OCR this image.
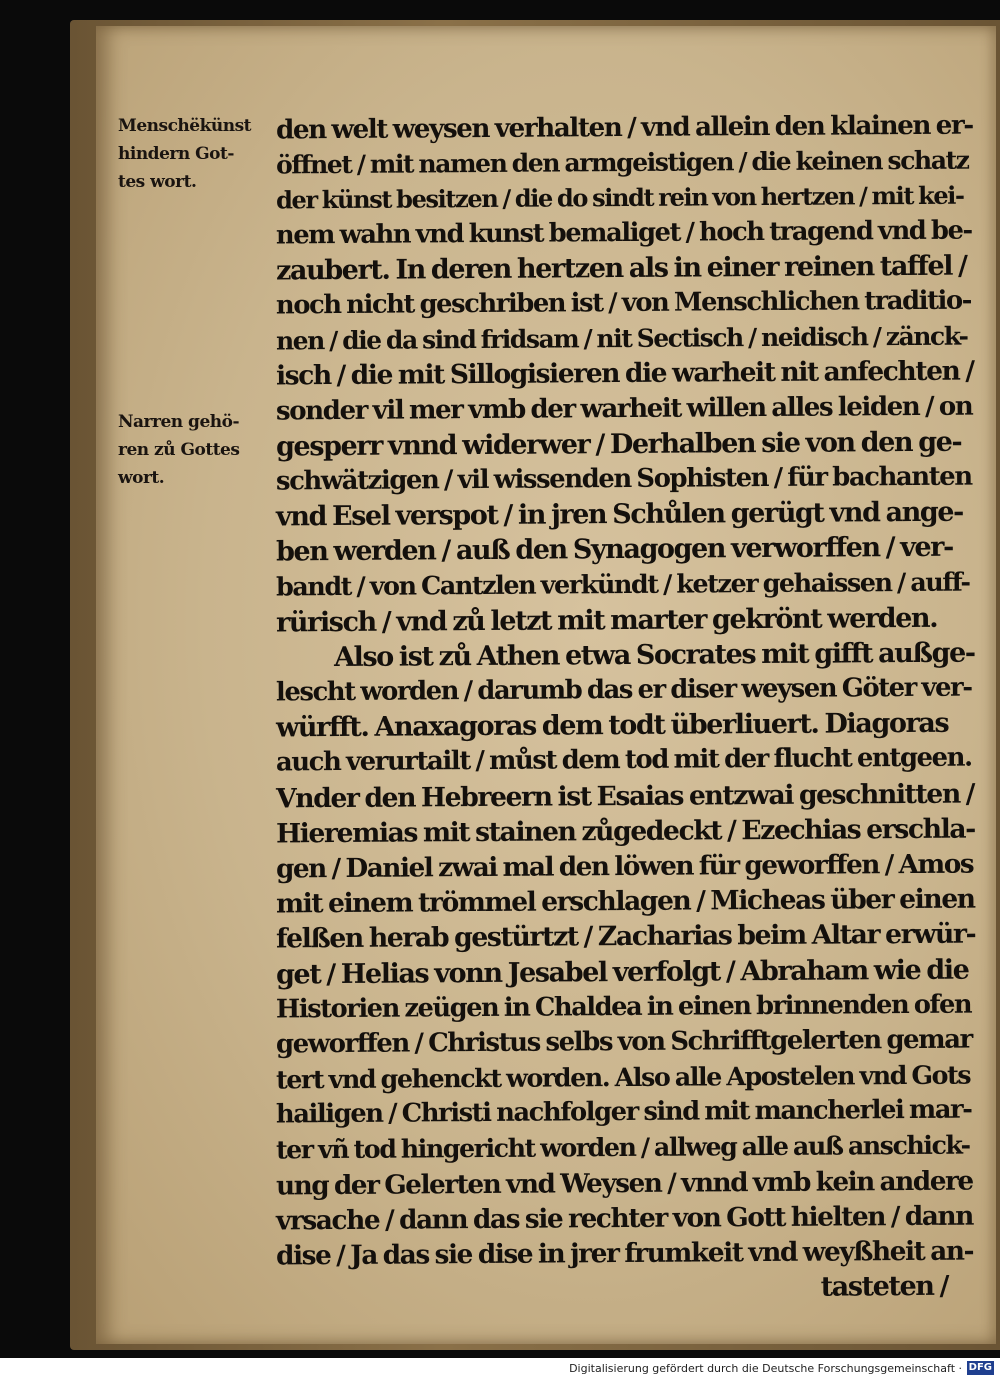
Menschëkünst
hindern Got-
tes wort.
Narren gehö-
ren zů Gottes
wort.
den welt weysen verhalten / vnd allein den klainen er-
öffnet / mit namen den armgeistigen / die keinen schatz
der künst besitzen / die do sindt rein von hertzen / mit kei-
nem wahn vnd kunst bemaliget / hoch tragend vnd be-
zaubert. In deren hertzen als in einer reinen taffel /
noch nicht geschriben ist / von Menschlichen traditio-
nen / die da sind fridsam / nit Sectisch / neidisch / zänck-
isch / die mit Sillogisieren die warheit nit anfechten /
sonder vil mer vmb der warheit willen alles leiden / on
gesperr vnnd widerwer / Derhalben sie von den ge-
schwätzigen / vil wissenden Sophisten / für bachanten
vnd Esel verspot / in jren Schůlen gerügt vnd ange-
ben werden / auß den Synagogen verworffen / ver-
bandt / von Cantzlen verkündt / ketzer gehaissen / auff-
rürisch / vnd zů letzt mit marter gekrönt werden.
Also ist zů Athen etwa Socrates mit gifft außge-
lescht worden / darumb das er diser weysen Göter ver-
würfft. Anaxagoras dem todt überliuert. Diagoras
auch verurtailt / můst dem tod mit der flucht entgeen.
Vnder den Hebreern ist Esaias entzwai geschnitten /
Hieremias mit stainen zůgedeckt / Ezechias erschla-
gen / Daniel zwai mal den löwen für geworffen / Amos
mit einem trömmel erschlagen / Micheas über einen
felßen herab gestürtzt / Zacharias beim Altar erwür-
get / Helias vonn Jesabel verfolgt / Abraham wie die
Historien zeügen in Chaldea in einen brinnenden ofen
geworffen / Christus selbs von Schrifftgelerten gemar
tert vnd gehenckt worden. Also alle Apostelen vnd Gots
hailigen / Christi nachfolger sind mit mancherlei mar-
ter vñ tod hingericht worden / allweg alle auß anschick-
ung der Gelerten vnd Weysen / vnnd vmb kein andere
vrsache / dann das sie rechter von Gott hielten / dann
dise / Ja das sie dise in jrer frumkeit vnd weyßheit an-
tasteten /
Digitalisierung gefördert durch die Deutsche Forschungsgemeinschaft · DFG
